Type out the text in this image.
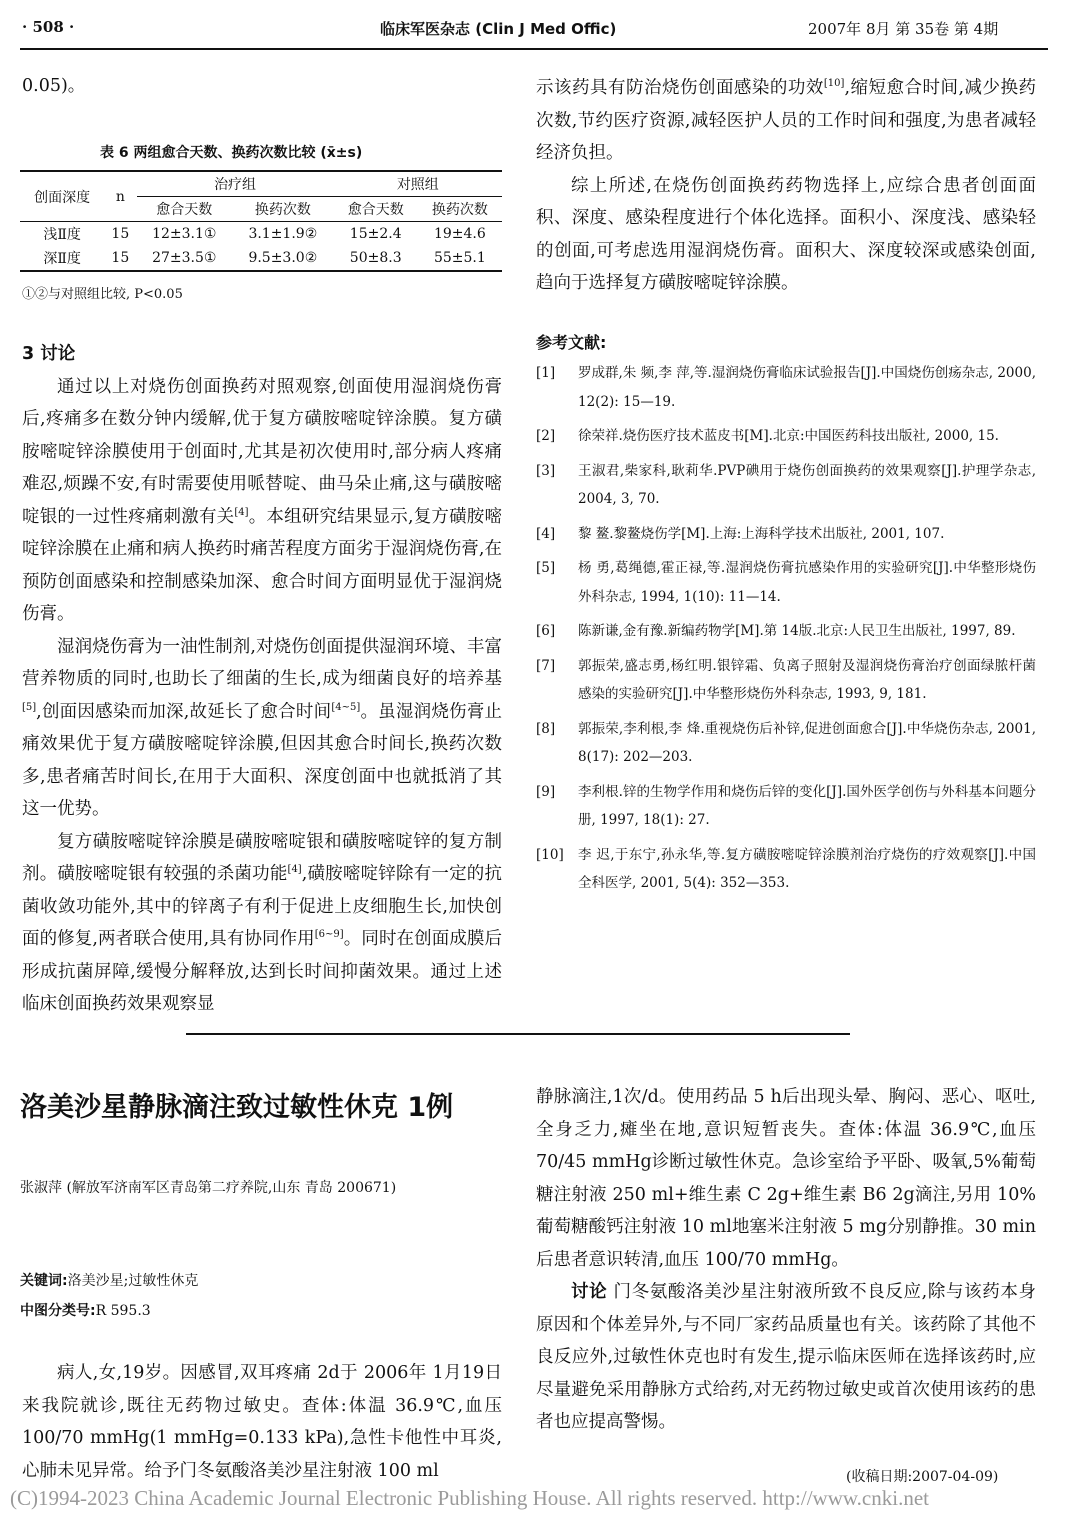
· 508 ·	临床军医杂志 (Clin J Med Offic)	2007年 8月 第 35卷 第 4期

0.05)。

表 6 两组愈合天数、换药次数比较 (x̄±s)
创面深度	n	治疗组		对照组	
		愈合天数	换药次数	愈合天数	换药次数
浅Ⅱ度	15	12±3.1①	3.1±1.9②	15±2.4	19±4.6
深Ⅱ度	15	27±3.5①	9.5±3.0②	50±8.3	55±5.1
①②与对照组比较, P<0.05

3 讨论

通过以上对烧伤创面换药对照观察,创面使用湿润烧伤膏后,疼痛多在数分钟内缓解,优于复方磺胺嘧啶锌涂膜。复方磺胺嘧啶锌涂膜使用于创面时,尤其是初次使用时,部分病人疼痛难忍,烦躁不安,有时需要使用哌替啶、曲马朵止痛,这与磺胺嘧啶银的一过性疼痛刺激有关[4]。本组研究结果显示,复方磺胺嘧啶锌涂膜在止痛和病人换药时痛苦程度方面劣于湿润烧伤膏,在预防创面感染和控制感染加深、愈合时间方面明显优于湿润烧伤膏。

湿润烧伤膏为一油性制剂,对烧伤创面提供湿润环境、丰富营养物质的同时,也助长了细菌的生长,成为细菌良好的培养基[5],创面因感染而加深,故延长了愈合时间[4~5]。虽湿润烧伤膏止痛效果优于复方磺胺嘧啶锌涂膜,但因其愈合时间长,换药次数多,患者痛苦时间长,在用于大面积、深度创面中也就抵消了其这一优势。

复方磺胺嘧啶锌涂膜是磺胺嘧啶银和磺胺嘧啶锌的复方制剂。磺胺嘧啶银有较强的杀菌功能[4],磺胺嘧啶锌除有一定的抗菌收敛功能外,其中的锌离子有利于促进上皮细胞生长,加快创面的修复,两者联合使用,具有协同作用[6~9]。同时在创面成膜后形成抗菌屏障,缓慢分解释放,达到长时间抑菌效果。通过上述临床创面换药效果观察显

示该药具有防治烧伤创面感染的功效[10],缩短愈合时间,减少换药次数,节约医疗资源,减轻医护人员的工作时间和强度,为患者减轻经济负担。

综上所述,在烧伤创面换药药物选择上,应综合患者创面面积、深度、感染程度进行个体化选择。面积小、深度浅、感染轻的创面,可考虑选用湿润烧伤膏。面积大、深度较深或感染创面,趋向于选择复方磺胺嘧啶锌涂膜。

参考文献:
[1]	罗成群,朱 频,李 萍,等.湿润烧伤膏临床试验报告[J].中国烧伤创疡杂志, 2000, 12(2): 15—19.
[2]	徐荣祥.烧伤医疗技术蓝皮书[M].北京:中国医药科技出版社, 2000, 15.
[3]	王淑君,柴家科,耿莉华.PVP碘用于烧伤创面换药的效果观察[J].护理学杂志, 2004, 3, 70.
[4]	黎 鳌.黎鳌烧伤学[M].上海:上海科学技术出版社, 2001, 107.
[5]	杨 勇,葛绳德,霍正禄,等.湿润烧伤膏抗感染作用的实验研究[J].中华整形烧伤外科杂志, 1994, 1(10): 11—14.
[6]	陈新谦,金有豫.新编药物学[M].第 14版.北京:人民卫生出版社, 1997, 89.
[7]	郭振荣,盛志勇,杨红明.银锌霜、负离子照射及湿润烧伤膏治疗创面绿脓杆菌感染的实验研究[J].中华整形烧伤外科杂志, 1993, 9, 181.
[8]	郭振荣,李利根,李 烽.重视烧伤后补锌,促进创面愈合[J].中华烧伤杂志, 2001, 8(17): 202—203.
[9]	李利根.锌的生物学作用和烧伤后锌的变化[J].国外医学创伤与外科基本问题分册, 1997, 18(1): 27.
[10]	李 迟,于东宁,孙永华,等.复方磺胺嘧啶锌涂膜剂治疗烧伤的疗效观察[J].中国全科医学, 2001, 5(4): 352—353.
洛美沙星静脉滴注致过敏性休克 1例
张淑萍 (解放军济南军区青岛第二疗养院,山东 青岛 200671)
关键词:洛美沙星;过敏性休克
中图分类号:R 595.3

病人,女,19岁。因感冒,双耳疼痛 2d于 2006年 1月19日来我院就诊,既往无药物过敏史。查体:体温 36.9℃,血压 100/70 mmHg(1 mmHg=0.133 kPa),急性卡他性中耳炎,心肺未见异常。给予门冬氨酸洛美沙星注射液 100 ml

静脉滴注,1次/d。使用药品 5 h后出现头晕、胸闷、恶心、呕吐,全身乏力,瘫坐在地,意识短暂丧失。查体:体温 36.9℃,血压 70/45 mmHg诊断过敏性休克。急诊室给予平卧、吸氧,5%葡萄糖注射液 250 ml+维生素 C 2g+维生素 B6 2g滴注,另用 10%葡萄糖酸钙注射液 10 ml地塞米注射液 5 mg分别静推。30 min后患者意识转清,血压 100/70 mmHg。

讨论 门冬氨酸洛美沙星注射液所致不良反应,除与该药本身原因和个体差异外,与不同厂家药品质量也有关。该药除了其他不良反应外,过敏性休克也时有发生,提示临床医师在选择该药时,应尽量避免采用静脉方式给药,对无药物过敏史或首次使用该药的患者也应提高警惕。

(收稿日期:2007-04-09)
(C)1994-2023 China Academic Journal Electronic Publishing House. All rights reserved. http://www.cnki.net
